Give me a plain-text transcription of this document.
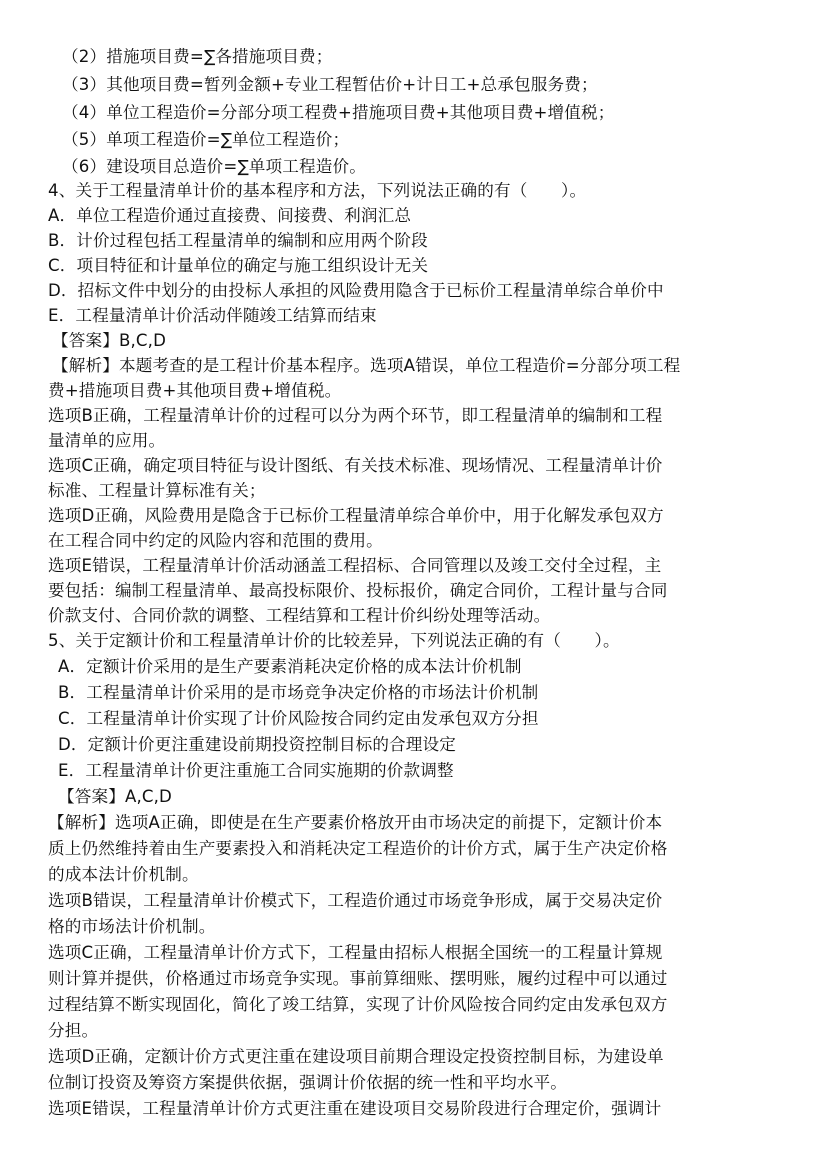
（2）措施项目费=∑各措施项目费；
（3）其他项目费=暂列金额+专业工程暂估价+计日工+总承包服务费；
（4）单位工程造价=分部分项工程费+措施项目费+其他项目费+增值税；
（5）单项工程造价=∑单位工程造价；
（6）建设项目总造价=∑单项工程造价。
4、关于工程量清单计价的基本程序和方法，下列说法正确的有（　　）。
A．单位工程造价通过直接费、间接费、利润汇总
B．计价过程包括工程量清单的编制和应用两个阶段
C．项目特征和计量单位的确定与施工组织设计无关
D．招标文件中划分的由投标人承担的风险费用隐含于已标价工程量清单综合单价中
E．工程量清单计价活动伴随竣工结算而结束
【答案】B,C,D
【解析】本题考查的是工程计价基本程序。选项A错误，单位工程造价=分部分项工程
费+措施项目费+其他项目费+增值税。
选项B正确，工程量清单计价的过程可以分为两个环节，即工程量清单的编制和工程
量清单的应用。
选项C正确，确定项目特征与设计图纸、有关技术标准、现场情况、工程量清单计价
标准、工程量计算标准有关；
选项D正确，风险费用是隐含于已标价工程量清单综合单价中，用于化解发承包双方
在工程合同中约定的风险内容和范围的费用。
选项E错误，工程量清单计价活动涵盖工程招标、合同管理以及竣工交付全过程，主
要包括：编制工程量清单、最高投标限价、投标报价，确定合同价，工程计量与合同
价款支付、合同价款的调整、工程结算和工程计价纠纷处理等活动。
5、关于定额计价和工程量清单计价的比较差异，下列说法正确的有（　　）。
A．定额计价采用的是生产要素消耗决定价格的成本法计价机制
B．工程量清单计价采用的是市场竞争决定价格的市场法计价机制
C．工程量清单计价实现了计价风险按合同约定由发承包双方分担
D．定额计价更注重建设前期投资控制目标的合理设定
E．工程量清单计价更注重施工合同实施期的价款调整
【答案】A,C,D
【解析】选项A正确，即使是在生产要素价格放开由市场决定的前提下，定额计价本
质上仍然维持着由生产要素投入和消耗决定工程造价的计价方式，属于生产决定价格
的成本法计价机制。
选项B错误，工程量清单计价模式下，工程造价通过市场竞争形成，属于交易决定价
格的市场法计价机制。
选项C正确，工程量清单计价方式下，工程量由招标人根据全国统一的工程量计算规
则计算并提供，价格通过市场竞争实现。事前算细账、摆明账，履约过程中可以通过
过程结算不断实现固化，简化了竣工结算，实现了计价风险按合同约定由发承包双方
分担。
选项D正确，定额计价方式更注重在建设项目前期合理设定投资控制目标，为建设单
位制订投资及筹资方案提供依据，强调计价依据的统一性和平均水平。
选项E错误，工程量清单计价方式更注重在建设项目交易阶段进行合理定价，强调计
